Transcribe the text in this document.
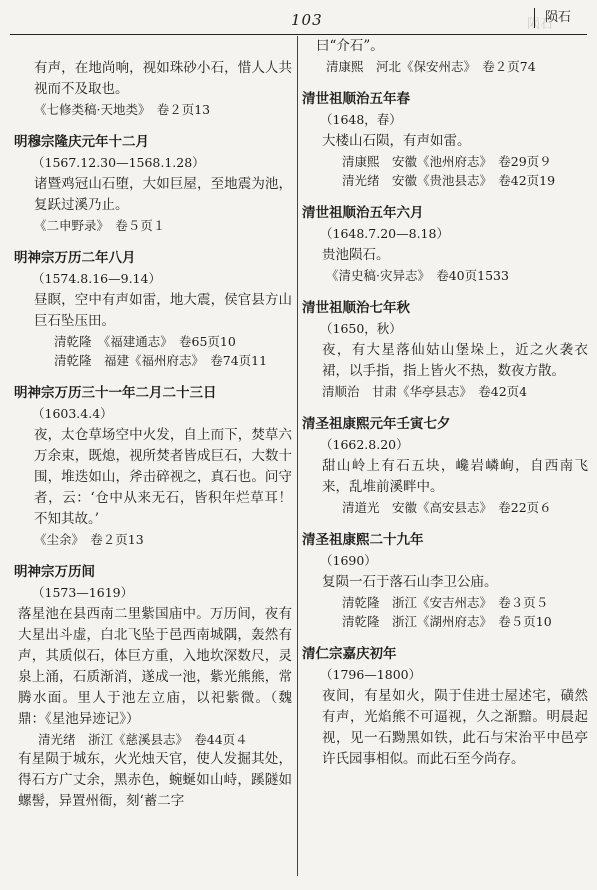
103	陨石
陨石

有声，在地尚响，视如珠砂小石，惜人人共视而不及取也。

《七修类稿·天地类》　卷２页13

明穆宗隆庆元年十二月

（1567.12.30—1568.1.28）

诸暨鸡冠山石堕，大如巨屋，至地震为池，复跃过溪乃止。

《二申野录》　卷５页１

明神宗万历二年八月

（1574.8.16—9.14）

昼瞑，空中有声如雷，地大震，侯官县方山巨石坠压田。

清乾隆　《福建通志》　卷65页10

清乾隆　福建《福州府志》　卷74页11

明神宗万历三十一年二月二十三日

（1603.4.4）

夜，太仓草场空中火发，自上而下，焚草六万余束，既熄，视所焚者皆成巨石，大数十围，堆迭如山，斧击碎视之，真石也。问守者，云：‘仓中从来无石，皆积年烂草耳！不知其故。’

《尘余》　卷２页13

明神宗万历间

（1573—1619）

落星池在县西南二里紫国庙中。万历间，夜有大星出斗虚，白北飞坠于邑西南城隅，轰然有声，其质似石，体巨方重，入地坎深数尺，灵泉上涌，石质渐消，遂成一池，紫光熊熊，常腾水面。里人于池左立庙，以祀紫微。（魏鼎：《星池异迹记》）

清光绪　浙江《慈溪县志》　卷44页４

有星陨于城东，火光烛天官，使人发掘其处，得石方广丈余，黑赤色，蜿蜒如山峙，蹊隧如螺髻，异置州衙，刻‘蓄二字

曰“介石”。

清康熙　河北《保安州志》　卷２页74

清世祖顺治五年春

（1648，春）

大楼山石陨，有声如雷。

清康熙　安徽《池州府志》　卷29页９

清光绪　安徽《贵池县志》　卷42页19

清世祖顺治五年六月

（1648.7.20—8.18）

贵池陨石。

《清史稿·灾异志》　卷40页1533

清世祖顺治七年秋

（1650，秋）

夜，有大星落仙姑山堡垛上，近之火袭衣裙，以手指，指上皆火不热，数夜方散。

清顺治　甘肃《华亭县志》　卷42页4

清圣祖康熙元年壬寅七夕

（1662.8.20）

甜山岭上有石五块，巉岩嶙峋，自西南飞来，乱堆前溪畔中。

清道光　安徽《高安县志》　卷22页６

清圣祖康熙二十九年

（1690）

复陨一石于落石山李卫公庙。

清乾隆　浙江《安吉州志》　卷３页５

清乾隆　浙江《湖州府志》　卷５页10

清仁宗嘉庆初年

（1796—1800）

夜间，有星如火，陨于佳进士屋述宅，磺然有声，光焰熊不可逼视，久之渐黯。明晨起视，见一石黝黑如铁，此石与宋治平中邑亭许氏园事相似。而此石至今尚存。
